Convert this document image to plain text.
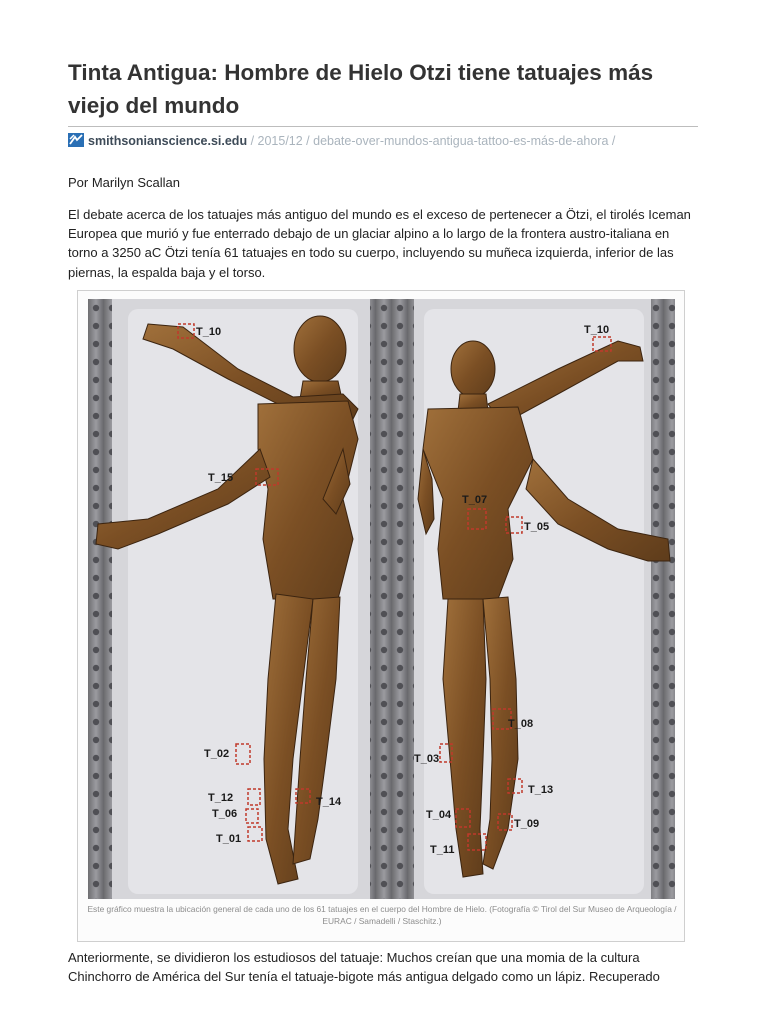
Tinta Antigua: Hombre de Hielo Otzi tiene tatuajes más viejo del mundo
smithsonianscience.si.edu / 2015/12 / debate-over-mundos-antigua-tattoo-es-más-de-ahora /
Por Marilyn Scallan

El debate acerca de los tatuajes más antiguo del mundo es el exceso de pertenecer a Ötzi, el tirolés Iceman Europea que murió y fue enterrado debajo de un glaciar alpino a lo largo de la frontera austro-italiana en torno a 3250 aC Ötzi tenía 61 tatuajes en todo su cuerpo, incluyendo su muñeca izquierda, inferior de las piernas, la espalda baja y el torso.

T_10
T_15
T_02
T_12
T_06
T_01
T_14
T_10
T_07
T_05
T_08
T_03
T_13
T_04
T_09
T_11
Este gráfico muestra la ubicación general de cada uno de los 61 tatuajes en el cuerpo del Hombre de Hielo. (Fotografía © Tirol del Sur Museo de Arqueología / EURAC / Samadelli / Staschitz.)

Anteriormente, se dividieron los estudiosos del tatuaje: Muchos creían que una momia de la cultura Chinchorro de América del Sur tenía el tatuaje-bigote más antigua delgado como un lápiz. Recuperado
